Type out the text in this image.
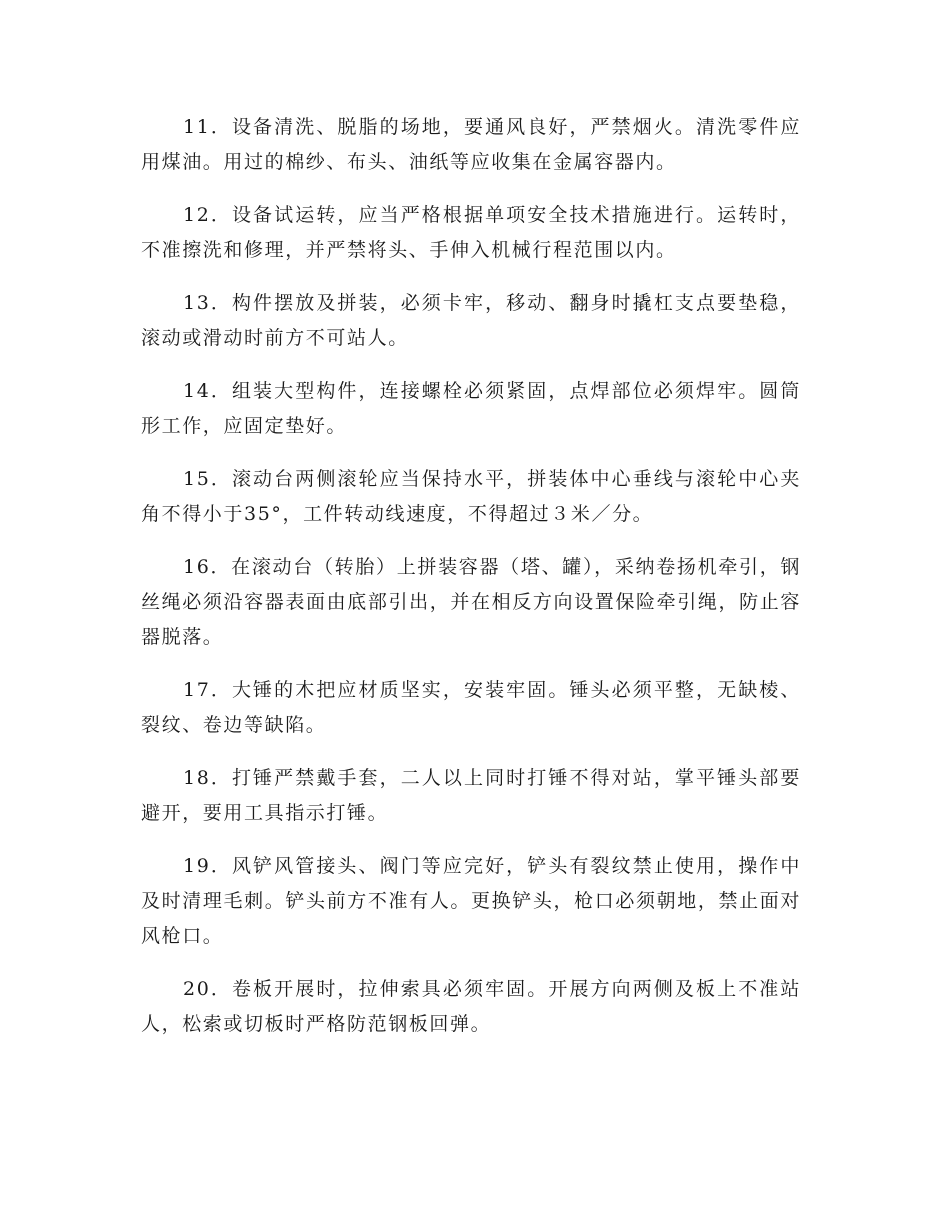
11．设备清洗、脱脂的场地，要通风良好，严禁烟火。清洗零件应用煤油。用过的棉纱、布头、油纸等应收集在金属容器内。

12．设备试运转，应当严格根据单项安全技术措施进行。运转时，不准擦洗和修理，并严禁将头、手伸入机械行程范围以内。

13．构件摆放及拼装，必须卡牢，移动、翻身时撬杠支点要垫稳，滚动或滑动时前方不可站人。

14．组装大型构件，连接螺栓必须紧固，点焊部位必须焊牢。圆筒形工作，应固定垫好。

15．滚动台两侧滚轮应当保持水平，拼装体中心垂线与滚轮中心夹角不得小于35°，工件转动线速度，不得超过３米／分。

16．在滚动台（转胎）上拼装容器（塔、罐），采纳卷扬机牵引，钢丝绳必须沿容器表面由底部引出，并在相反方向设置保险牵引绳，防止容器脱落。

17．大锤的木把应材质坚实，安装牢固。锤头必须平整，无缺棱、裂纹、卷边等缺陷。

18．打锤严禁戴手套，二人以上同时打锤不得对站，掌平锤头部要避开，要用工具指示打锤。

19．风铲风管接头、阀门等应完好，铲头有裂纹禁止使用，操作中及时清理毛刺。铲头前方不准有人。更换铲头，枪口必须朝地，禁止面对风枪口。

20．卷板开展时，拉伸索具必须牢固。开展方向两侧及板上不准站人，松索或切板时严格防范钢板回弹。
